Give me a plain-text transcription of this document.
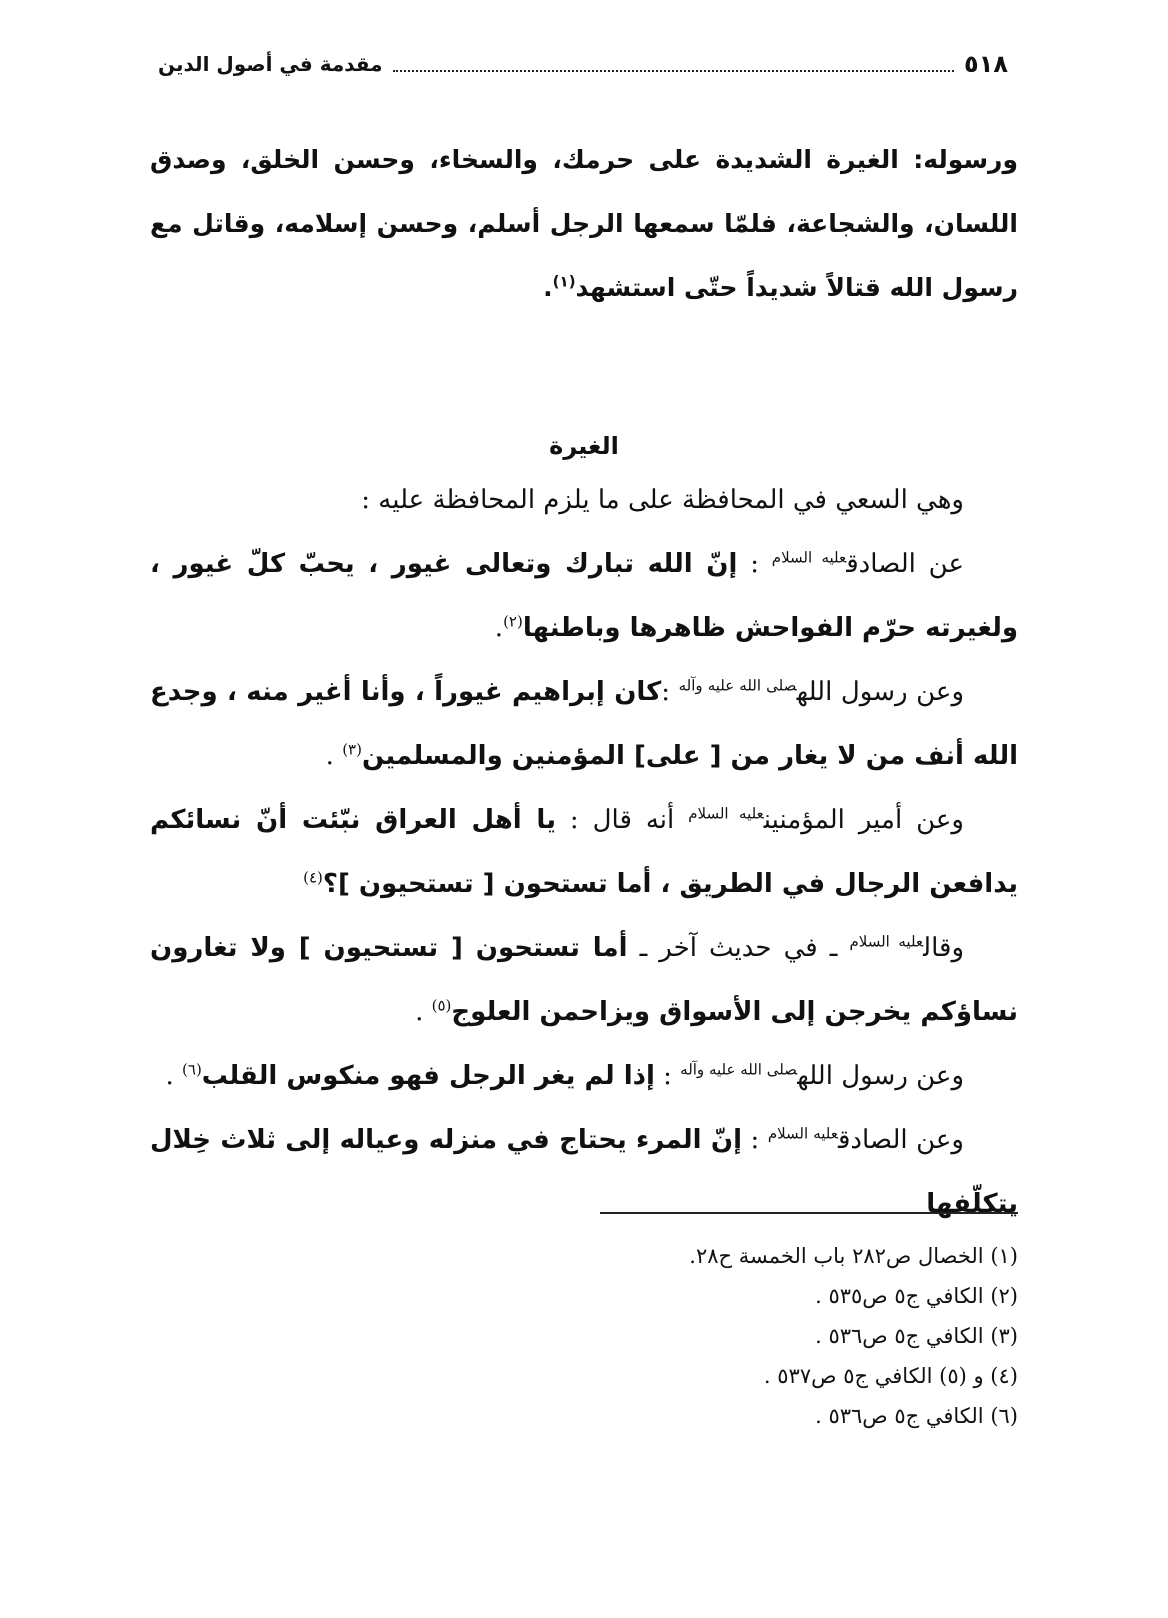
٥١٨
مقدمة في أصول الدين

ورسوله: الغيرة الشديدة على حرمك، والسخاء، وحسن الخلق، وصدق اللسان، والشجاعة، فلمّا سمعها الرجل أسلم، وحسن إسلامه، وقاتل مع رسول الله قتالاً شديداً حتّى استشهد$^{(١)}$.

الغيرة

وهي السعي في المحافظة على ما يلزم المحافظة عليه :

عن الصادق$^{عليه السلام}$ : إنّ الله تبارك وتعالى غيور ، يحبّ كلّ غيور ، ولغيرته حرّم الفواحش ظاهرها وباطنها$^{(٢)}$.

وعن رسول الله$^{صلى الله عليه وآله}$ :كان إبراهيم غيوراً ، وأنا أغير منه ، وجدع الله أنف من لا يغار من [ على] المؤمنين والمسلمين$^{(٣)}$ .

وعن أمير المؤمنين$^{عليه السلام}$ أنه قال : يا أهل العراق نبّئت أنّ نسائكم يدافعن الرجال في الطريق ، أما تستحون [ تستحيون ]؟$^{(٤)}$

وقال$^{عليه السلام}$ ـ في حديث آخر ـ أما تستحون [ تستحيون ] ولا تغارون نساؤكم يخرجن إلى الأسواق ويزاحمن العلوج$^{(٥)}$ .

وعن رسول الله$^{صلى الله عليه وآله}$ : إذا لم يغر الرجل فهو منكوس القلب$^{(٦)}$ .

وعن الصادق$^{عليه السلام}$ : إنّ المرء يحتاج في منزله وعياله إلى ثلاث خِلال يتكلّفها

(١) الخصال ص٢٨٢ باب الخمسة ح٢٨.

(٢) الكافي ج٥ ص٥٣٥ .

(٣) الكافي ج٥ ص٥٣٦ .

(٤) و (٥) الكافي ج٥ ص٥٣٧ .

(٦) الكافي ج٥ ص٥٣٦ .
